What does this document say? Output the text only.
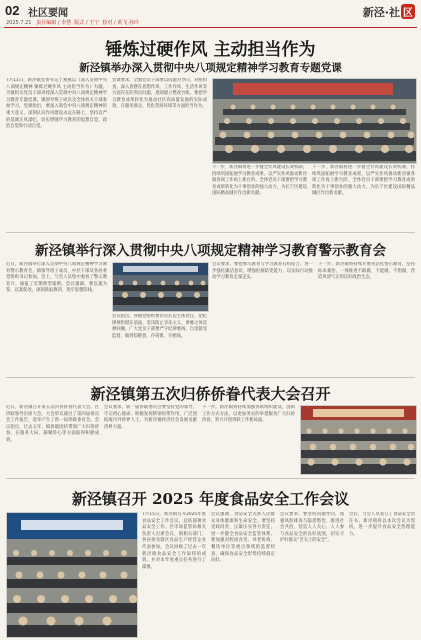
02 社区要闻
2025.7.21 责任编辑 / 李慧 版式 / 王宁 校对 / 黄飞 孙玲
新泾·社 区
锤炼过硬作风 主动担当作为
新泾镇举办深入贯彻中央八项规定精神学习教育专题党课

7月11日，新泾镇党委书记于燕燕以《深入贯彻中央八项规定精神 锤炼过硬作风 主动担当作为》为题，为镇机关党员干部讲授深入贯彻中央八项规定精神学习教育专题党课。镇领导班子成员及全体机关干部参加学习。党课指出，要深入领会中央八项规定精神的重大意义，深刻认识作风建设永远在路上，坚持以严的基调正风肃纪，切实增强学习教育的思想自觉、政治自觉和行动自觉。

党课要求，全镇党员干部要以问题为导向，对照检查，深入查摆在思想作风、工作作风、生活作风等方面存在的突出问题，逐项建立整改台账。要把学习教育成果转化为推动社区高质量发展的实际成效，在服务群众、优化营商环境等方面担当作为。

下一步，新泾镇将进一步健全作风建设长效机制，持续巩固拓展学习教育成果，以严实作风推动新泾镇各项工作再上新台阶。全体党员干部要把学习教育成果转化为干事创业的强大动力，为长宁区建设国际精品城区作出新贡献。

下一步，新泾镇将进一步健全作风建设长效机制，持续巩固拓展学习教育成果，以严实作风推动新泾镇各项工作再上新台阶。全体党员干部要把学习教育成果转化为干事创业的强大动力，为长宁区建设国际精品城区作出新贡献。

新泾镇举行深入贯彻中央八项规定精神学习教育警示教育会

近日，新泾镇举行深入贯彻中央八项规定精神学习教育警示教育会，镇领导班子成员、中层干部及各居委党组织书记参加。会上，与会人员集中观看了警示教育片，通报了近期典型案例。会议强调，要以案为鉴、以案促改，深刻汲取教训，筑牢思想防线。

会议指出，各级党组织要切实扛起主体责任，把纪律规矩挺在前面，坚决防止享乐主义、奢靡之风反弹回潮。广大党员干部要严守纪律底线，自觉接受监督，做到知敬畏、存戒惧、守底线。

会议要求，要把警示教育与学习教育有机结合，进一步强化廉洁意识，增强拒腐防变能力，以实际行动推动学习教育走深走实。

下一步，新泾镇将持续开展常态化警示教育，坚持标本兼治，一体推进不敢腐、不能腐、不想腐，营造风清气正的良好政治生态。

新泾镇第五次归侨侨眷代表大会召开

近日，新泾镇召开第五次归侨侨眷代表大会。区侨联领导出席大会。大会审议通过了第四届委员会工作报告，选举产生了新一届侨联委员会。会议指出，过去五年，镇侨联团结带领广大归侨侨眷，在服务大局、凝聚侨心等方面取得积极成效。

会议要求，新一届侨联委员会要坚持党的领导，牢记初心使命，积极发挥桥梁纽带作用，广泛团结海内外侨界人士，为新泾镇经济社会发展贡献侨界力量。

下一步，新泾镇将持续加强侨联组织建设，创新工作方式方法，以更加务实的举措服务广大归侨侨眷，努力开创侨联工作新局面。

新泾镇召开 2025 年度食品安全工作会议

7月15日，新泾镇召开2025年度食品安全工作会议，总结部署食品安全工作。区市场监管局相关负责人出席会议，镇相关部门、各居委及辖区食品生产经营企业代表参加。会议回顾了过去一年新泾镇食品安全工作取得的成效，并对本年度重点任务进行了部署。

会议强调，食品安全关系人民群众身体健康和生命安全。要坚持党政同责，压紧压实各方责任，进一步健全食品安全监管体系。要加强对校园食堂、养老机构、餐饮单位等重点领域的监督检查，确保食品安全形势持续稳定向好。

会议要求，要坚持问题导向，加强风险排查与隐患整治，推进社会共治，营造人人关心、人人参与食品安全的良好氛围，切实守护好群众“舌尖上的安全”。

会后，与会人员签订了食品安全责任书。新泾镇将以本次会议为契机，进一步提升食品安全治理能力。
